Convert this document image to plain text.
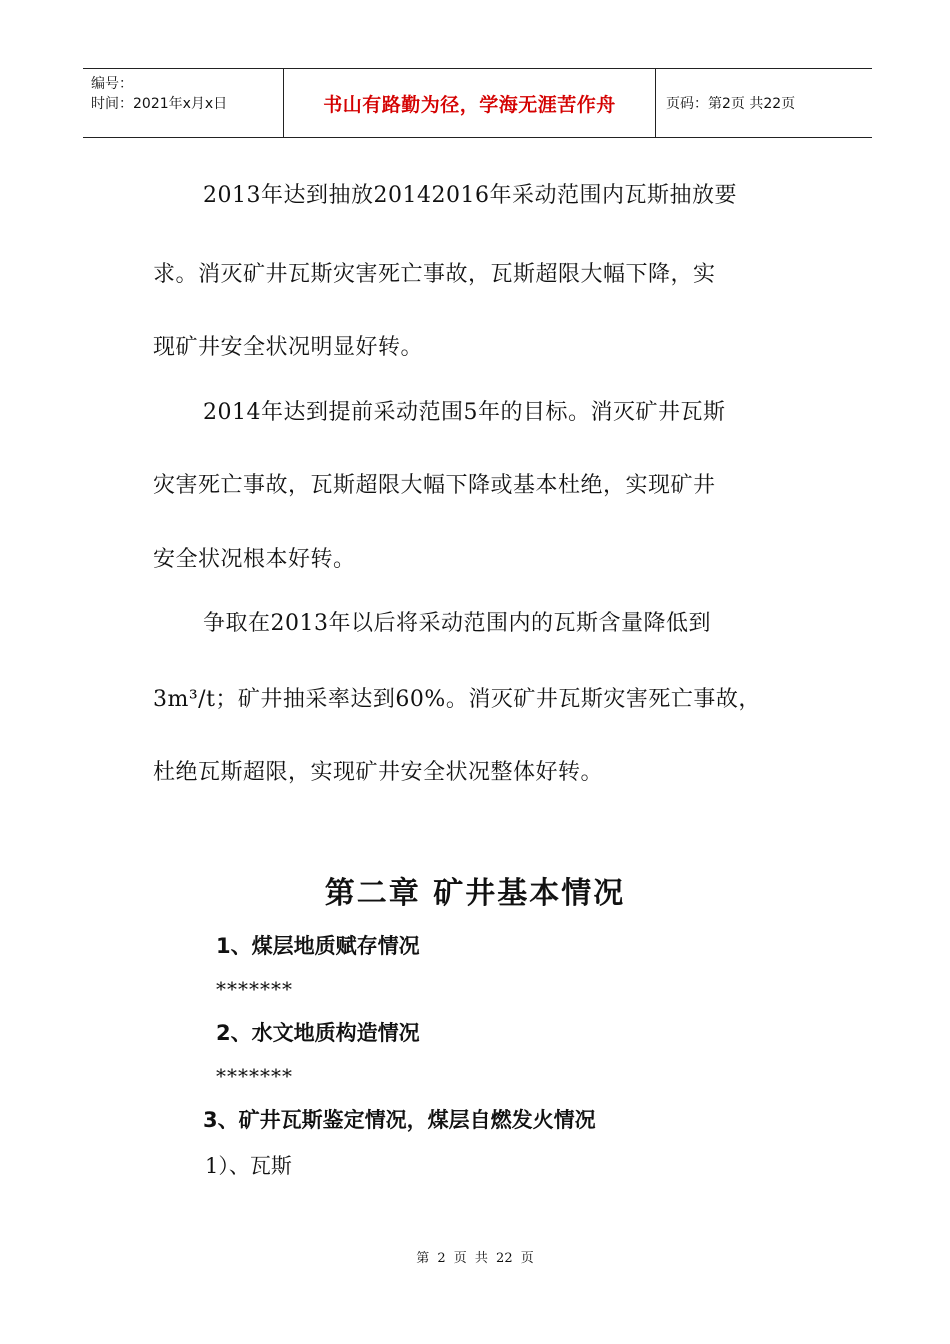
编号：
时间：2021年x月x日	书山有路勤为径，学海无涯苦作舟	页码：第2页 共22页
2013年达到抽放20142016年采动范围内瓦斯抽放要
求。消灭矿井瓦斯灾害死亡事故，瓦斯超限大幅下降，实
现矿井安全状况明显好转。
2014年达到提前采动范围5年的目标。消灭矿井瓦斯
灾害死亡事故，瓦斯超限大幅下降或基本杜绝，实现矿井
安全状况根本好转。
争取在2013年以后将采动范围内的瓦斯含量降低到
3m³/t；矿井抽采率达到60%。消灭矿井瓦斯灾害死亡事故，
杜绝瓦斯超限，实现矿井安全状况整体好转。
第二章 矿井基本情况
1、煤层地质赋存情况
*******
2、水文地质构造情况
*******
3、矿井瓦斯鉴定情况，煤层自燃发火情况
1）、瓦斯
第 2 页 共 22 页
